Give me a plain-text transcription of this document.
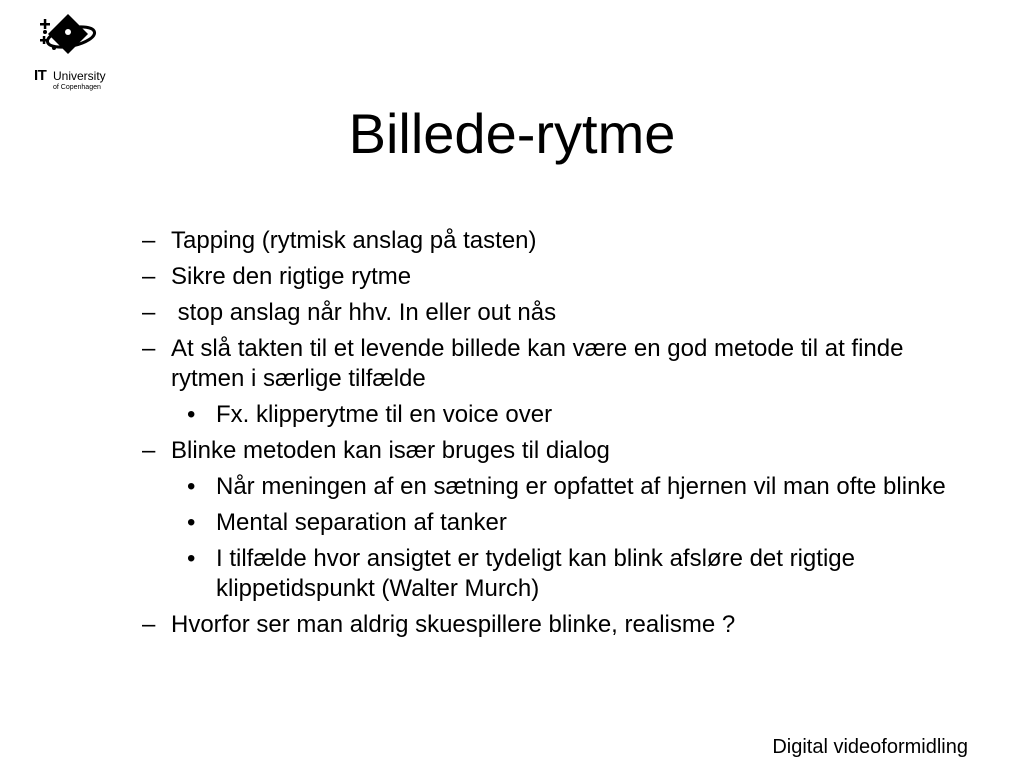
IT University
of Copenhagen
Billede-rytme
– Tapping (rytmisk anslag på tasten)
– Sikre den rigtige rytme
– stop anslag når hhv. In eller out nås
– At slå takten til et levende billede kan være en god metode til at finde rytmen i særlige tilfælde
• Fx. klipperytme til en voice over
– Blinke metoden kan især bruges til dialog
• Når meningen af en sætning er opfattet af hjernen vil man ofte blinke
• Mental separation af tanker
• I tilfælde hvor ansigtet er tydeligt kan blink afsløre det rigtige klippetidspunkt (Walter Murch)
– Hvorfor ser man aldrig skuespillere blinke, realisme ?
Digital videoformidling
